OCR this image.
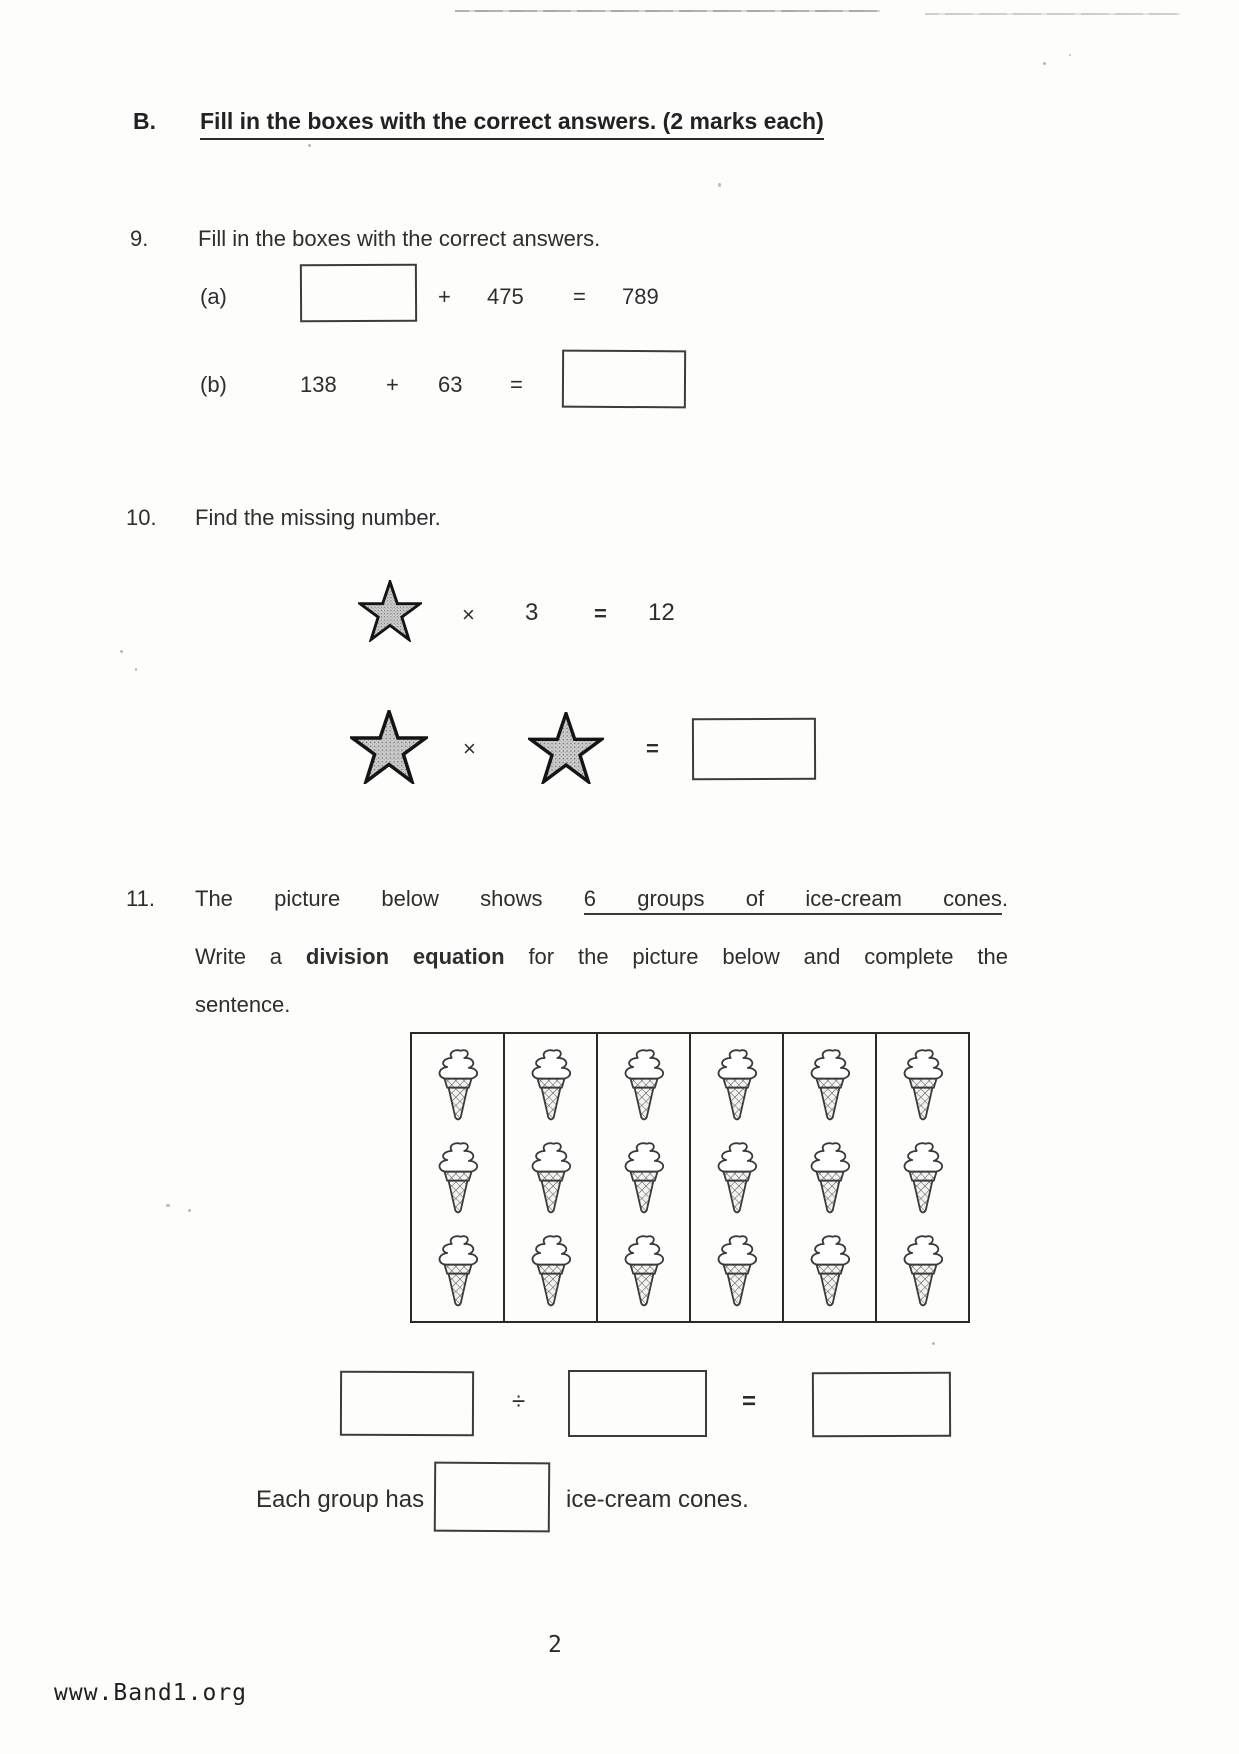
B. Fill in the boxes with the correct answers. (2 marks each)
9. Fill in the boxes with the correct answers.
(a)	+ 475 = 789
(b)	138 + 63 =
10. Find the missing number.
× 3	= 12
×	=
11. The picture below shows 6 groups of ice-cream cones.
Write a division equation for the picture below and complete the
sentence.
÷	=
Each group has	ice-cream cones.
2
www.Band1.org
